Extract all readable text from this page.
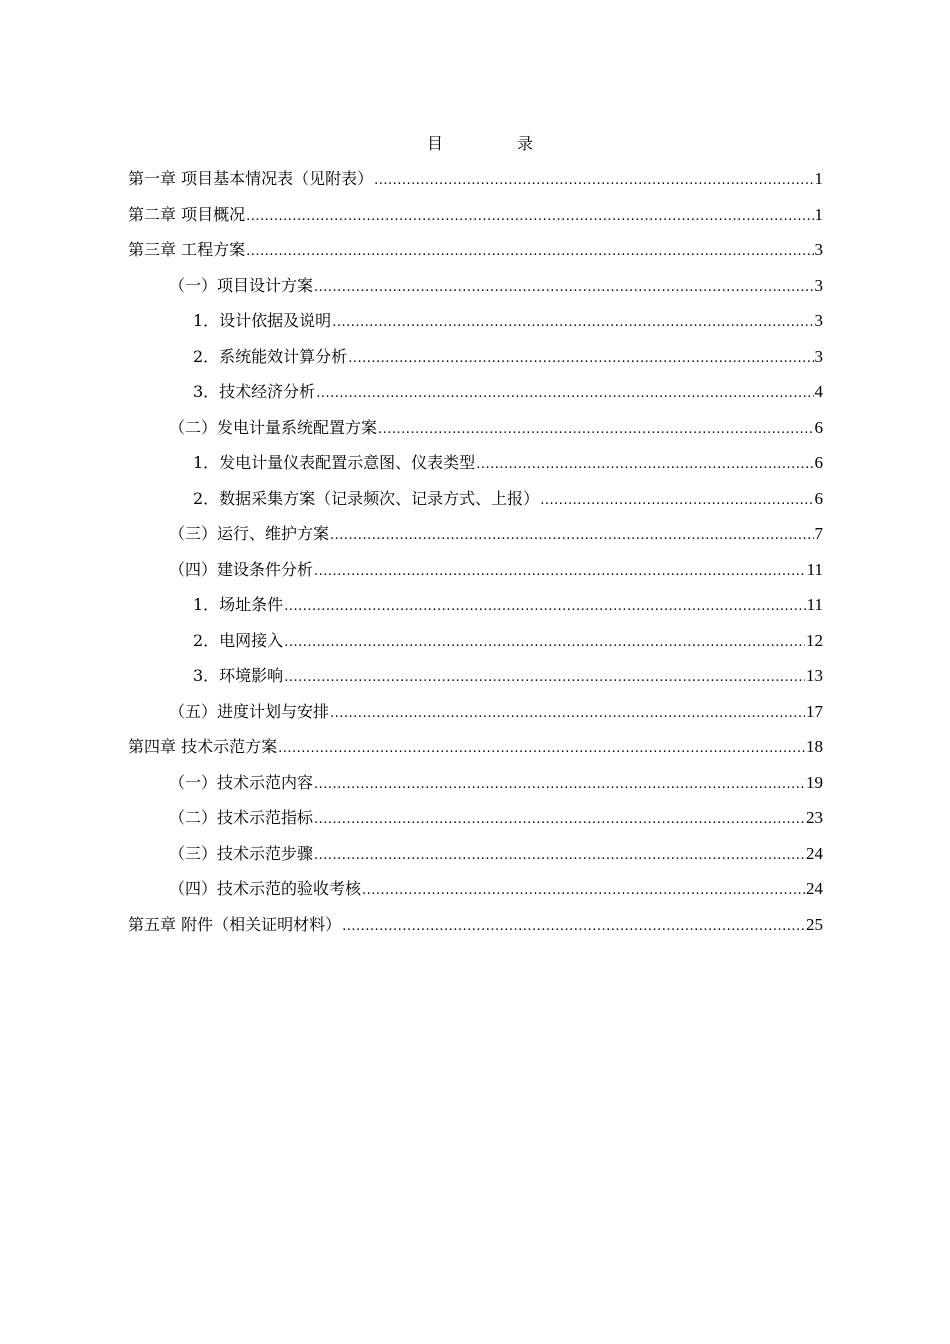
目	录
第一章 项目基本情况表（见附表） .....	1
第二章 项目概况 .....	1
第三章 工程方案 .....	3
（一）项目设计方案 .....	3
1．设计依据及说明 .....	3
2．系统能效计算分析 .....	3
3．技术经济分析 .....	4
（二）发电计量系统配置方案 .....	6
1．发电计量仪表配置示意图、仪表类型 .....	6
2．数据采集方案（记录频次、记录方式、上报） .....	6
（三）运行、维护方案 .....	7
（四）建设条件分析 .....	11
1．场址条件 .....	11
2．电网接入 .....	12
3．环境影响 .....	13
（五）进度计划与安排 .....	17
第四章 技术示范方案 .....	18
（一）技术示范内容 .....	19
（二）技术示范指标 .....	23
（三）技术示范步骤 .....	24
（四）技术示范的验收考核 .....	24
第五章 附件（相关证明材料） .....	25
